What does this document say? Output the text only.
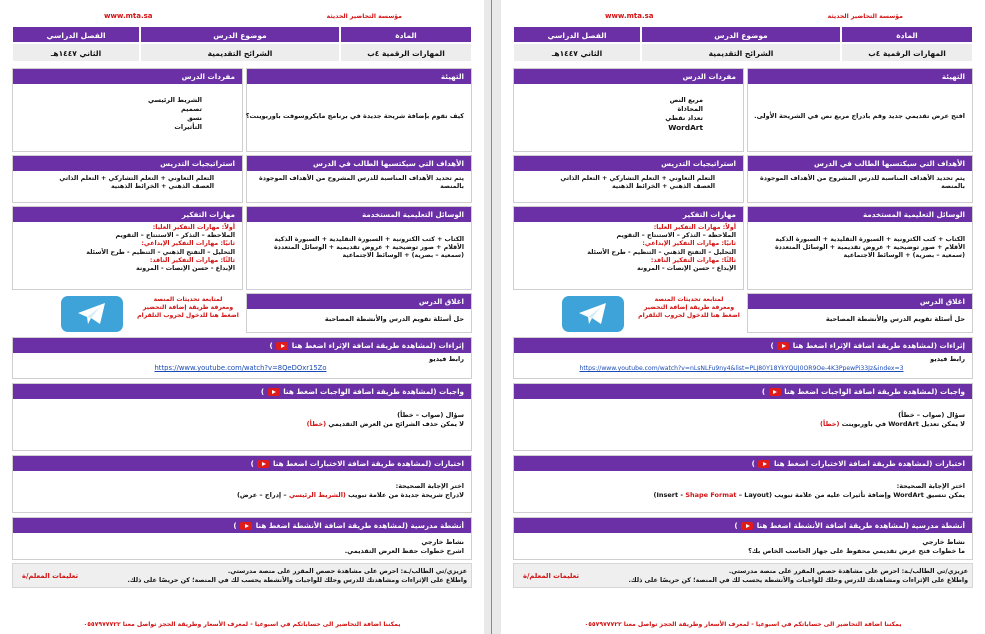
مؤسسة التحاضير الحديثة
www.mta.sa
المادة
المهارات الرقمية ٤ب
موضوع الدرس
الشرائح التقديمية
الفصل الدراسي
الثاني ١٤٤٧هـ
التهيئة
كيف تقوم بإضافة شريحة جديدة في برنامج مايكروسوفت باوربوينت؟
مفردات الدرس
الشريط الرئيسي
تصميم
نسق
التأثيرات
الأهداف التي سيكتسبها الطالب في الدرس
يتم تحديد الأهداف المناسبة للدرس المشروح من الأهداف الموجودة
بالمنصة
استراتيجيات التدريس
التعلم التعاوني + التعلم التشاركي + التعلم الذاتي
العصف الذهني + الخرائط الذهنية
الوسائل التعليمية المستخدمة
الكتاب + كتب الكترونية + السبورة التقليدية + السبورة الذكية
الأقلام + صور توضيحية + عروض تقديمية + الوسائل المتعددة
(سمعية – بصرية) + الوسائط الاجتماعية
مهارات التفكير
أولاً: مهارات التفكير العليا:
الملاحظة – التذكر – الاستنتاج – التقويم
ثانيًا: مهارات التفكير الإبداعي:
التحليل – التفتح الذهني – التنظيم - طرح الأسئلة
ثالثًا: مهارات التفكير الناقد:
الإبداع - حسن الإنصات - المرونة
اغلاق الدرس
حل أسئلة تقويم الدرس والأنشطة المصاحبة
لمتابعة تحديثات المنصة
ومعرفة طريقة إضافة التحضير
اضغط هنا للدخول لجروب التلقرام
إثراءات (لمشاهدة طريقة اضافة الإثراء اضغط هنا  )
رابط فيديو
https://www.youtube.com/watch?v=8QeDOxr15Zo
واجبات (لمشاهدة طريقة اضافة الواجبات اضغط هنا  )
سؤال (صواب – خطأ)
لا يمكن حذف الشرائح من العرض التقديمي (خطأ)
اختبارات (لمشاهدة طريقة اضافة الاختبارات اضغط هنا  )
اختر الإجابة الصحيحة:
لادراج شريحة جديدة من علامة تبويب (الشريط الرئيسي – إدراج – عرض)
أنشطة مدرسية (لمشاهدة طريقة اضافة الأنشطة اضغط هنا  )
نشاط خارجي
اشرح خطوات حفظ العرض التقديمي.
عزيزي/تي الطالب/ـة: احرص على مشاهدة حصص المقرر على منصة مدرستي.
واطلاع على الإثراءات ومشاهدتك للدرس وحلك للواجبات والأنشطة يحسب لك في المنصة؛ كن حريصًا على ذلك.
تعليمات المعلم/ة
يمكننا اضافة التحاضير الى حساباتكم في اسبوعيا - لمعرف الأسعار وطريقة الحجز تواصل معنا ٠٥٥٧٩٧٧٧٢٢
مؤسسة التحاضير الحديثة
www.mta.sa
المادة
المهارات الرقمية ٤ب
موضوع الدرس
الشرائح التقديمية
الفصل الدراسي
الثاني ١٤٤٧هـ
التهيئة
افتح عرض تقديمي جديد وقم بادراج مربع نص في الشريحة الأولى.
مفردات الدرس
مربع النص
المحاذاة
تعداد نقطي
WordArt
الأهداف التي سيكتسبها الطالب في الدرس
يتم تحديد الأهداف المناسبة للدرس المشروح من الأهداف الموجودة
بالمنصة
استراتيجيات التدريس
التعلم التعاوني + التعلم التشاركي + التعلم الذاتي
العصف الذهني + الخرائط الذهنية
الوسائل التعليمية المستخدمة
الكتاب + كتب الكترونية + السبورة التقليدية + السبورة الذكية
الأقلام + صور توضيحية + عروض تقديمية + الوسائل المتعددة
(سمعية – بصرية) + الوسائط الاجتماعية
مهارات التفكير
أولاً: مهارات التفكير العليا:
الملاحظة – التذكر – الاستنتاج – التقويم
ثانيًا: مهارات التفكير الإبداعي:
التحليل – التفتح الذهني – التنظيم - طرح الأسئلة
ثالثًا: مهارات التفكير الناقد:
الإبداع - حسن الإنصات - المرونة
اغلاق الدرس
حل أسئلة تقويم الدرس والأنشطة المصاحبة
لمتابعة تحديثات المنصة
ومعرفة طريقة إضافة التحضير
اضغط هنا للدخول لجروب التلقرام
إثراءات (لمشاهدة طريقة اضافة الإثراء اضغط هنا  )
رابط فيديو
https://www.youtube.com/watch?v=nLsNLFu9ny4&list=PLJ80Y18YkYQUJ0OR9Oe-4K3PpewPi33Jz&index=3
واجبات (لمشاهدة طريقة اضافة الواجبات اضغط هنا  )
سؤال (صواب – خطأ)
لا يمكن تعديل WordArt في باوربوينت (خطأ)
اختبارات (لمشاهدة طريقة اضافة الاختبارات اضغط هنا  )
اختر الإجابة الصحيحة:
يمكن تنسيق WordArt وإضافة تأثيرات عليه من علامة تبويب (Insert - Shape Format – Layout)
أنشطة مدرسية (لمشاهدة طريقة اضافة الأنشطة اضغط هنا  )
نشاط خارجي
ما خطوات فتح عرض تقديمي محفوظ على جهاز الحاسب الخاص بك؟
عزيزي/تي الطالب/ـة: احرص على مشاهدة حصص المقرر على منصة مدرستي.
واطلاع على الإثراءات ومشاهدتك للدرس وحلك للواجبات والأنشطة يحسب لك في المنصة؛ كن حريصًا على ذلك.
تعليمات المعلم/ة
يمكننا اضافة التحاضير الى حساباتكم في اسبوعيا - لمعرف الأسعار وطريقة الحجز تواصل معنا ٠٥٥٧٩٧٧٧٢٢
